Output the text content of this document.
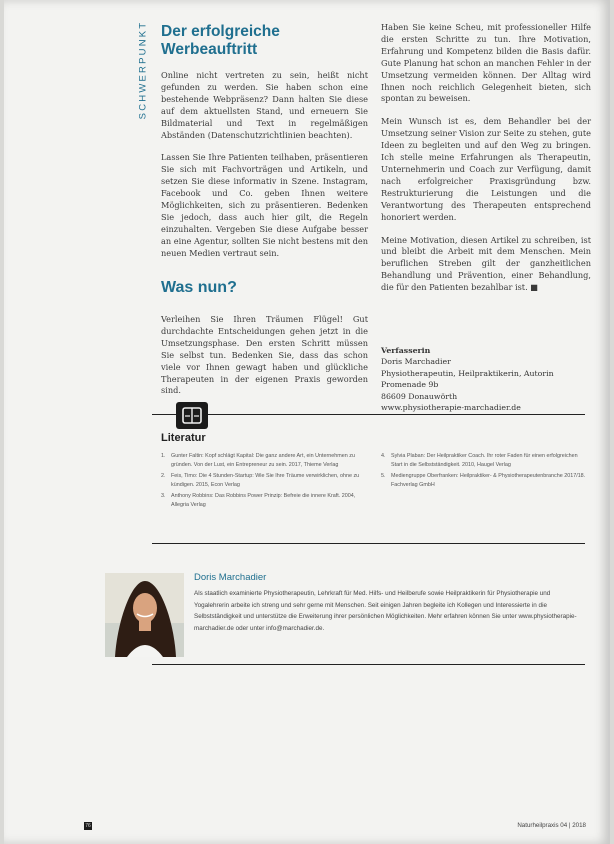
SCHWERPUNKT Der erfolgreiche
Werbeauftritt

Online nicht vertreten zu sein, heißt nicht gefunden zu werden. Sie haben schon eine bestehende Webpräsenz? Dann halten Sie diese auf dem aktuellsten Stand, und erneuern Sie Bildmaterial und Text in regelmäßigen Abständen (Datenschutzrichtlinien beachten).

Lassen Sie Ihre Patienten teilhaben, präsentieren Sie sich mit Fachvorträgen und Artikeln, und setzen Sie diese informativ in Szene. Instagram, Facebook und Co. geben Ihnen weitere Möglichkeiten, sich zu präsentieren. Bedenken Sie jedoch, dass auch hier gilt, die Regeln einzuhalten. Vergeben Sie diese Aufgabe besser an eine Agentur, sollten Sie nicht bestens mit den neuen Medien vertraut sein.

Was nun?

Verleihen Sie Ihren Träumen Flügel! Gut durchdachte Entscheidungen gehen jetzt in die Umsetzungsphase. Den ersten Schritt müssen Sie selbst tun. Bedenken Sie, dass das schon viele vor Ihnen gewagt haben und glückliche Therapeuten in der eigenen Praxis geworden sind.

Haben Sie keine Scheu, mit professioneller Hilfe die ersten Schritte zu tun. Ihre Motivation, Erfahrung und Kompetenz bilden die Basis dafür. Gute Planung hat schon an manchen Fehler in der Umsetzung vermeiden können. Der Alltag wird Ihnen noch reichlich Gelegenheit bieten, sich spontan zu beweisen.

Mein Wunsch ist es, dem Behandler bei der Umsetzung seiner Vision zur Seite zu stehen, gute Ideen zu begleiten und auf den Weg zu bringen. Ich stelle meine Erfahrungen als Therapeutin, Unternehmerin und Coach zur Verfügung, damit nach erfolgreicher Praxisgründung bzw. Restrukturierung die Leistungen und die Verantwortung des Therapeuten entsprechend honoriert werden.

Meine Motivation, diesen Artikel zu schreiben, ist und bleibt die Arbeit mit dem Menschen. Mein beruflichen Streben gilt der ganzheitlichen Behandlung und Prävention, einer Behandlung, die für den Patienten bezahlbar ist. ■

Verfasserin
Doris Marchadier
Physiotherapeutin, Heilpraktikerin, Autorin
Promenade 9b
86609 Donauwörth
www.physiotherapie-marchadier.de
Literatur
1. Gunter Faltin: Kopf schlägt Kapital: Die ganz andere Art, ein Unternehmen zu gründen. Von der Lust, ein Entrepreneur zu sein. 2017, Thieme Verlag
2. Feis, Timo: Die 4 Stunden-Startup: Wie Sie Ihre Träume verwirklichen, ohne zu kündigen. 2015, Econ Verlag
3. Anthony Robbins: Das Robbins Power Prinzip: Befreie die innere Kraft. 2004, Allegria Verlag
4. Sylvia Plaban: Der Heilpraktiker Coach. Ihr roter Faden für einen erfolgreichen Start in die Selbstständigkeit. 2010, Haugel Verlag
5. Mediengruppe Oberfranken: Heilpraktiker- & Physiotherapeutenbranche 2017/18. Fachverlag GmbH
Doris Marchadier
Als staatlich examinierte Physiotherapeutin, Lehrkraft für Med. Hilfs- und Heilberufe sowie Heilpraktikerin für Physiotherapie und Yogalehrerin arbeite ich streng und sehr gerne mit Menschen. Seit einigen Jahren begleite ich Kollegen und Interessierte in die Selbstständigkeit und unterstütze die Erweiterung ihrer persönlichen Möglichkeiten. Mehr erfahren können Sie unter www.physiotherapie-marchadier.de oder unter info@marchadier.de.
76	Naturheilpraxis 04 | 2018
